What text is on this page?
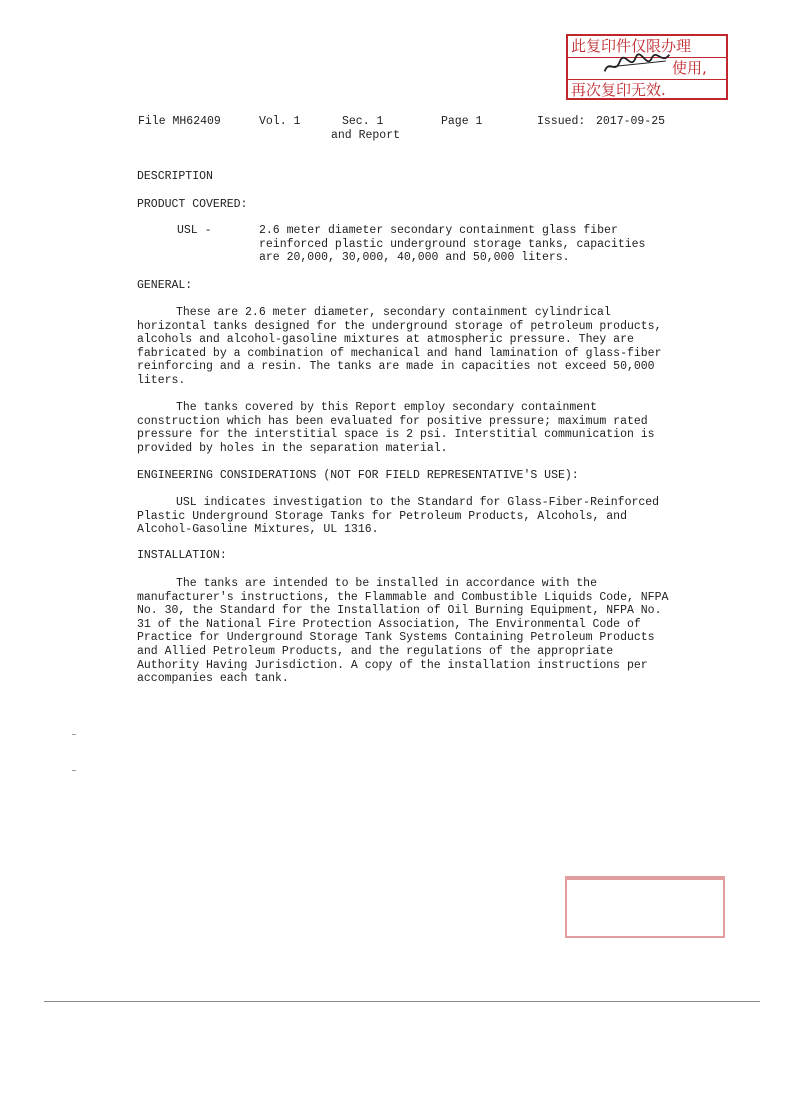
此复印件仅限办理
使用,
再次复印无效.
File MH62409	Vol. 1	Sec. 1
and Report
Page 1	Issued: 2017-09-25
DESCRIPTION
PRODUCT COVERED:
USL -	2.6 meter diameter secondary containment glass fiber reinforced plastic underground storage tanks, capacities are 20,000, 30,000, 40,000 and 50,000 liters.
GENERAL:
These are 2.6 meter diameter, secondary containment cylindrical horizontal tanks designed for the underground storage of petroleum products, alcohols and alcohol-gasoline mixtures at atmospheric pressure. They are fabricated by a combination of mechanical and hand lamination of glass-fiber reinforcing and a resin. The tanks are made in capacities not exceed 50,000 liters.
The tanks covered by this Report employ secondary containment construction which has been evaluated for positive pressure; maximum rated pressure for the interstitial space is 2 psi. Interstitial communication is provided by holes in the separation material.
ENGINEERING CONSIDERATIONS (NOT FOR FIELD REPRESENTATIVE'S USE):
USL indicates investigation to the Standard for Glass-Fiber-Reinforced Plastic Underground Storage Tanks for Petroleum Products, Alcohols, and Alcohol-Gasoline Mixtures, UL 1316.
INSTALLATION:
The tanks are intended to be installed in accordance with the manufacturer's instructions, the Flammable and Combustible Liquids Code, NFPA No. 30, the Standard for the Installation of Oil Burning Equipment, NFPA No. 31 of the National Fire Protection Association, The Environmental Code of Practice for Underground Storage Tank Systems Containing Petroleum Products and Allied Petroleum Products, and the regulations of the appropriate Authority Having Jurisdiction. A copy of the installation instructions per accompanies each tank.
